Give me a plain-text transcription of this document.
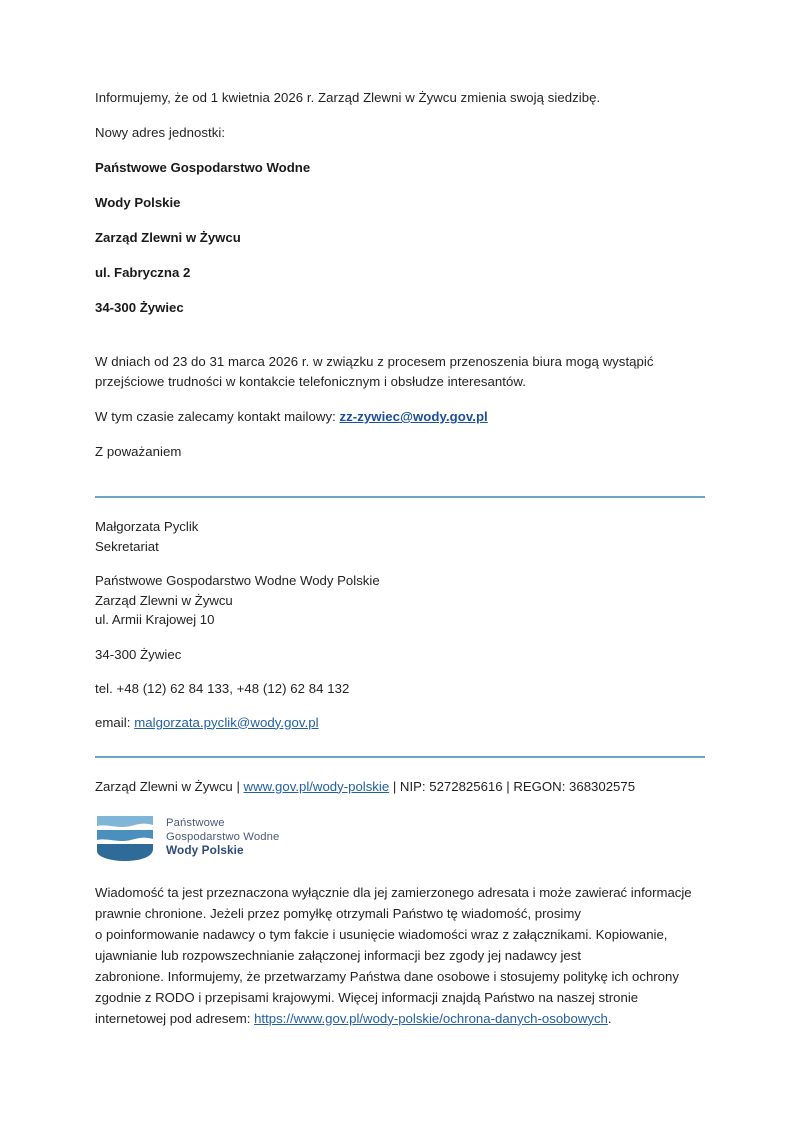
Informujemy, że od 1 kwietnia 2026 r. Zarząd Zlewni w Żywcu zmienia swoją siedzibę.

Nowy adres jednostki:

Państwowe Gospodarstwo Wodne

Wody Polskie

Zarząd Zlewni w Żywcu

ul. Fabryczna 2

34-300 Żywiec

W dniach od 23 do 31 marca 2026 r. w związku z procesem przenoszenia biura mogą wystąpić przejściowe trudności w kontakcie telefonicznym i obsłudze interesantów.

W tym czasie zalecamy kontakt mailowy: zz-zywiec@wody.gov.pl

Z poważaniem

Małgorzata Pyclik

Sekretariat

Państwowe Gospodarstwo Wodne Wody Polskie

Zarząd Zlewni w Żywcu

ul. Armii Krajowej 10

34-300 Żywiec

tel. +48 (12) 62 84 133, +48 (12) 62 84 132

email: malgorzata.pyclik@wody.gov.pl

Zarząd Zlewni w Żywcu | www.gov.pl/wody-polskie | NIP: 5272825616 | REGON: 368302575

Państwowe
Gospodarstwo Wodne
Wody Polskie

Wiadomość ta jest przeznaczona wyłącznie dla jej zamierzonego adresata i może zawierać informacje
prawnie chronione. Jeżeli przez pomyłkę otrzymali Państwo tę wiadomość, prosimy
o poinformowanie nadawcy o tym fakcie i usunięcie wiadomości wraz z załącznikami. Kopiowanie,
ujawnianie lub rozpowszechnianie załączonej informacji bez zgody jej nadawcy jest
zabronione. Informujemy, że przetwarzamy Państwa dane osobowe i stosujemy politykę ich ochrony
zgodnie z RODO i przepisami krajowymi. Więcej informacji znajdą Państwo na naszej stronie
internetowej pod adresem: https://www.gov.pl/wody-polskie/ochrona-danych-osobowych.
